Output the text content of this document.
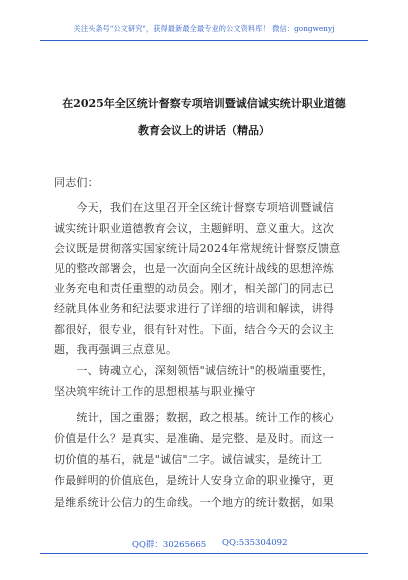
关注头条号"公文研究"，获得最新最全最专业的公文资料库！ 微信：gongwenyj
在2025年全区统计督察专项培训暨诚信诚实统计职业道德
教育会议上的讲话（精品）
同志们：
　　今天，我们在这里召开全区统计督察专项培训暨诚信
诚实统计职业道德教育会议，主题鲜明、意义重大。这次
会议既是贯彻落实国家统计局2024年常规统计督察反馈意
见的整改部署会，也是一次面向全区统计战线的思想淬炼
业务充电和责任重塑的动员会。刚才，相关部门的同志已
经就具体业务和纪法要求进行了详细的培训和解读，讲得
都很好，很专业，很有针对性。下面，结合今天的会议主
题，我再强调三点意见。
　　一、铸魂立心，深刻领悟"诚信统计"的极端重要性，
坚决筑牢统计工作的思想根基与职业操守
　　统计，国之重器；数据，政之根基。统计工作的核心
价值是什么？是真实、是准确、是完整、是及时。而这一
切价值的基石，就是"诚信"二字。诚信诚实，是统计工
作最鲜明的价值底色，是统计人安身立命的职业操守，更
是维系统计公信力的生命线。一个地方的统计数据，如果
QQ群：30265665 QQ:535304092
